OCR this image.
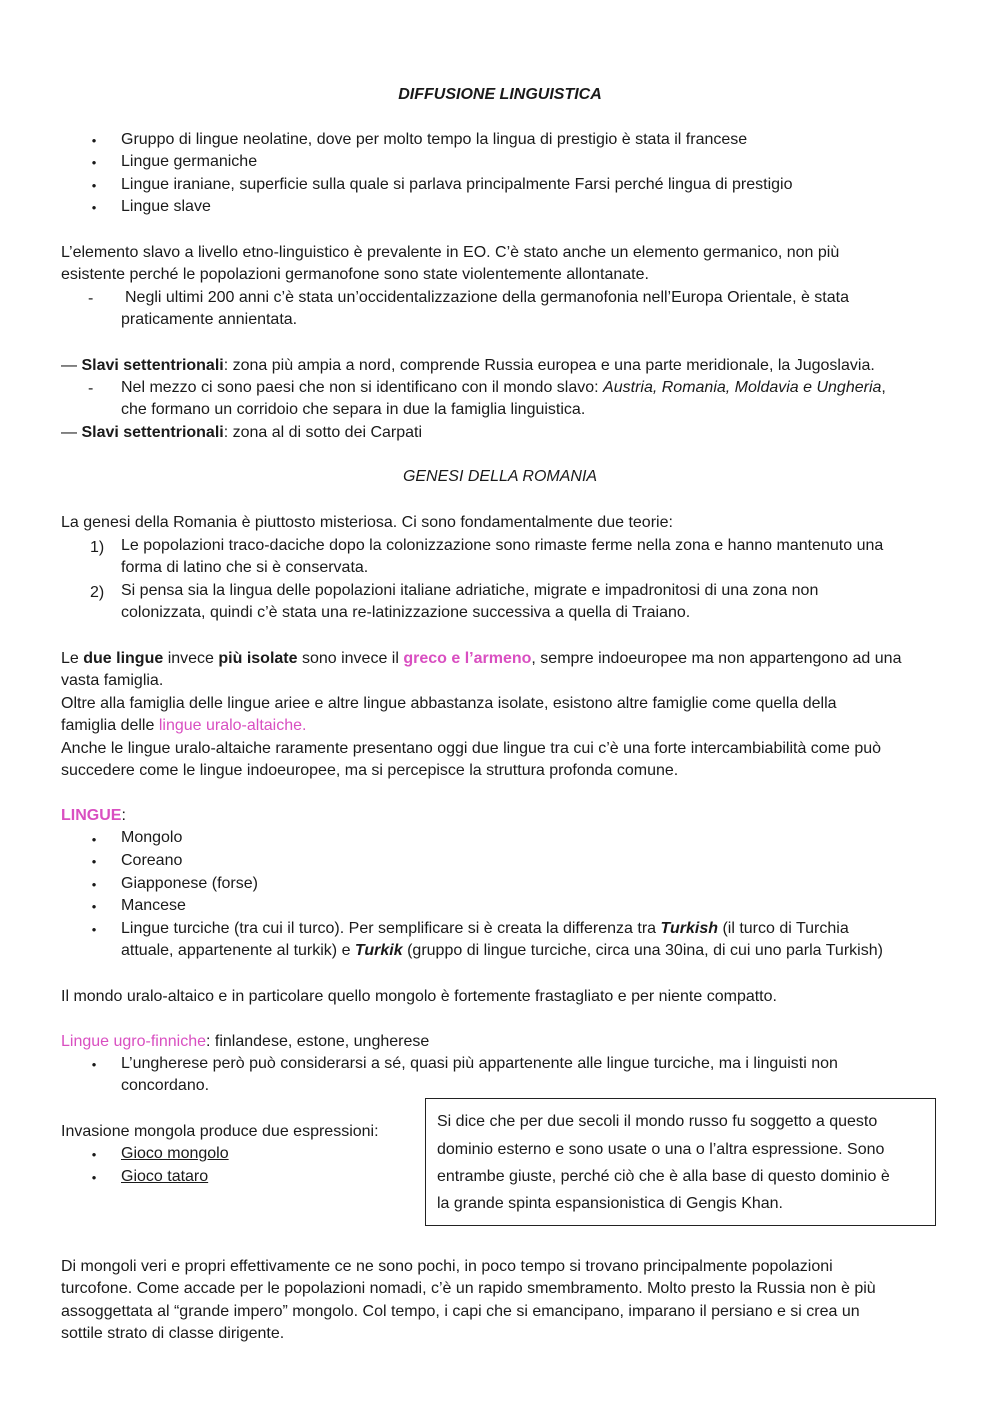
DIFFUSIONE LINGUISTICA
• Gruppo di lingue neolatine, dove per molto tempo la lingua di prestigio è stata il francese
• Lingue germaniche
• Lingue iraniane, superficie sulla quale si parlava principalmente Farsi perché lingua di prestigio
• Lingue slave
L’elemento slavo a livello etno-linguistico è prevalente in EO. C’è stato anche un elemento germanico, non più
esistente perché le popolazioni germanofone sono state violentemente allontanate.
- Negli ultimi 200 anni c’è stata un’occidentalizzazione della germanofonia nell’Europa Orientale, è stata
praticamente annientata.
— Slavi settentrionali: zona più ampia a nord, comprende Russia europea e una parte meridionale, la Jugoslavia.
- Nel mezzo ci sono paesi che non si identificano con il mondo slavo: Austria, Romania, Moldavia e Ungheria,
che formano un corridoio che separa in due la famiglia linguistica.
— Slavi settentrionali: zona al di sotto dei Carpati
GENESI DELLA ROMANIA
La genesi della Romania è piuttosto misteriosa. Ci sono fondamentalmente due teorie:
1) Le popolazioni traco-daciche dopo la colonizzazione sono rimaste ferme nella zona e hanno mantenuto una
forma di latino che si è conservata.
2) Si pensa sia la lingua delle popolazioni italiane adriatiche, migrate e impadronitosi di una zona non
colonizzata, quindi c’è stata una re-latinizzazione successiva a quella di Traiano.
Le due lingue invece più isolate sono invece il greco e l’armeno, sempre indoeuropee ma non appartengono ad una
vasta famiglia.
Oltre alla famiglia delle lingue ariee e altre lingue abbastanza isolate, esistono altre famiglie come quella della
famiglia delle lingue uralo-altaiche.
Anche le lingue uralo-altaiche raramente presentano oggi due lingue tra cui c’è una forte intercambiabilità come può
succedere come le lingue indoeuropee, ma si percepisce la struttura profonda comune.
LINGUE:
• Mongolo
• Coreano
• Giapponese (forse)
• Mancese
• Lingue turciche (tra cui il turco). Per semplificare si è creata la differenza tra Turkish (il turco di Turchia
attuale, appartenente al turkik) e Turkik (gruppo di lingue turciche, circa una 30ina, di cui uno parla Turkish)
Il mondo uralo-altaico e in particolare quello mongolo è fortemente frastagliato e per niente compatto.
Lingue ugro-finniche: finlandese, estone, ungherese
• L’ungherese però può considerarsi a sé, quasi più appartenente alle lingue turciche, ma i linguisti non
concordano.
Invasione mongola produce due espressioni:
• Gioco mongolo
• Gioco tataro
Si dice che per due secoli il mondo russo fu soggetto a questo
dominio esterno e sono usate o una o l’altra espressione. Sono
entrambe giuste, perché ciò che è alla base di questo dominio è
la grande spinta espansionistica di Gengis Khan.
Di mongoli veri e propri effettivamente ce ne sono pochi, in poco tempo si trovano principalmente popolazioni
turcofone. Come accade per le popolazioni nomadi, c’è un rapido smembramento. Molto presto la Russia non è più
assoggettata al “grande impero” mongolo. Col tempo, i capi che si emancipano, imparano il persiano e si crea un
sottile strato di classe dirigente.
